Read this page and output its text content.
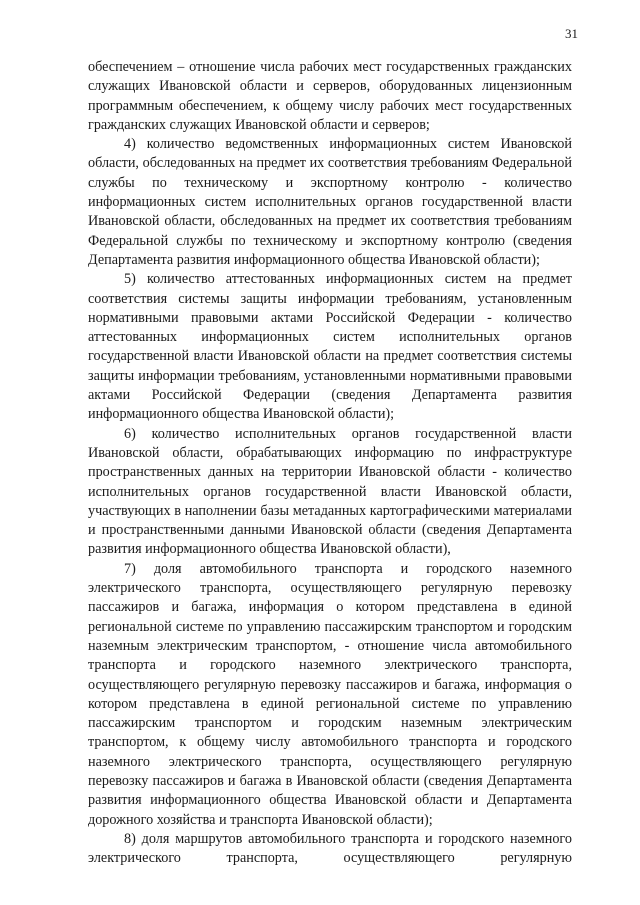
31

обеспечением – отношение числа рабочих мест государственных гражданских служащих Ивановской области и серверов, оборудованных лицензионным программным обеспечением, к общему числу рабочих мест государственных гражданских служащих Ивановской области и серверов;

4) количество ведомственных информационных систем Ивановской области, обследованных на предмет их соответствия требованиям Федеральной службы по техническому и экспортному контролю - количество информационных систем исполнительных органов государственной власти Ивановской области, обследованных на предмет их соответствия требованиям Федеральной службы по техническому и экспортному контролю (сведения Департамента развития информационного общества Ивановской области);

5) количество аттестованных информационных систем на предмет соответствия системы защиты информации требованиям, установленным нормативными правовыми актами Российской Федерации - количество аттестованных информационных систем исполнительных органов государственной власти Ивановской области на предмет соответствия системы защиты информации требованиям, установленными нормативными правовыми актами Российской Федерации (сведения Департамента развития информационного общества Ивановской области);

6) количество исполнительных органов государственной власти Ивановской области, обрабатывающих информацию по инфраструктуре пространственных данных на территории Ивановской области - количество исполнительных органов государственной власти Ивановской области, участвующих в наполнении базы метаданных картографическими материалами и пространственными данными Ивановской области (сведения Департамента развития информационного общества Ивановской области),

7) доля автомобильного транспорта и городского наземного электрического транспорта, осуществляющего регулярную перевозку пассажиров и багажа, информация о котором представлена в единой региональной системе по управлению пассажирским транспортом и городским наземным электрическим транспортом, - отношение числа автомобильного транспорта и городского наземного электрического транспорта, осуществляющего регулярную перевозку пассажиров и багажа, информация о котором представлена в единой региональной системе по управлению пассажирским транспортом и городским наземным электрическим транспортом, к общему числу автомобильного транспорта и городского наземного электрического транспорта, осуществляющего регулярную перевозку пассажиров и багажа в Ивановской области (сведения Департамента развития информационного общества Ивановской области и Департамента дорожного хозяйства и транспорта Ивановской области);

8) доля маршрутов автомобильного транспорта и городского наземного электрического транспорта, осуществляющего регулярную
